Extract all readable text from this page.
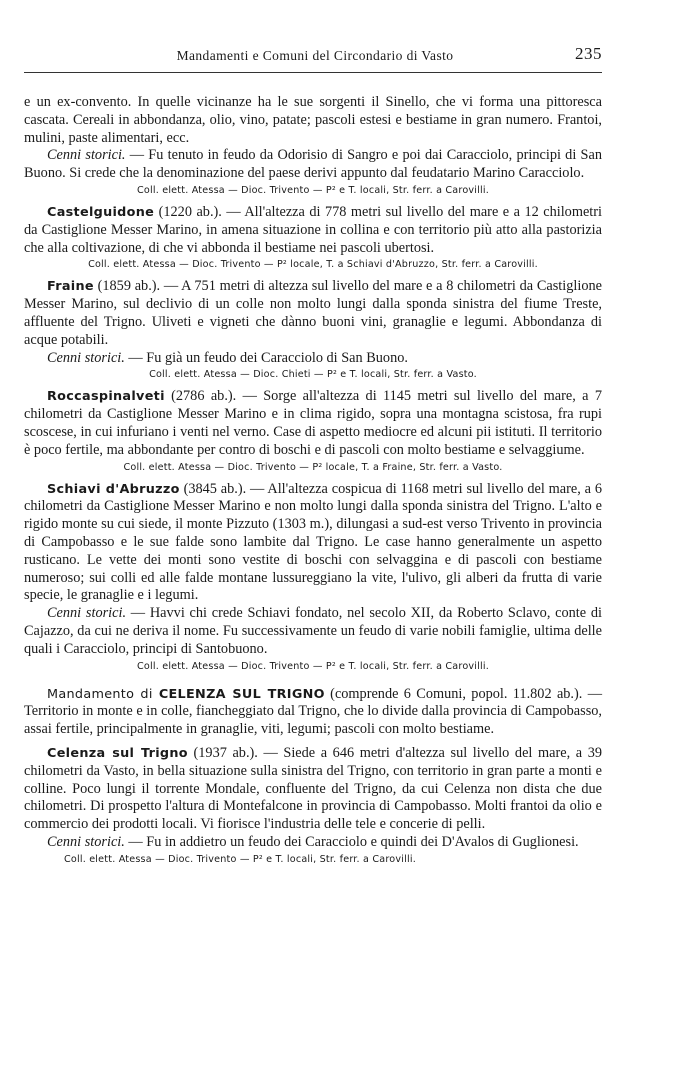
Mandamenti e Comuni del Circondario di Vasto	235

e un ex-convento. In quelle vicinanze ha le sue sorgenti il Sinello, che vi forma una pittoresca cascata. Cereali in abbondanza, olio, vino, patate; pascoli estesi e bestiame in gran numero. Frantoi, mulini, paste alimentari, ecc.

Cenni storici. — Fu tenuto in feudo da Odorisio di Sangro e poi dai Caracciolo, principi di San Buono. Si crede che la denominazione del paese derivi appunto dal feudatario Marino Caracciolo.

Coll. elett. Atessa — Dioc. Trivento — P² e T. locali, Str. ferr. a Carovilli.

Castelguidone (1220 ab.). — All'altezza di 778 metri sul livello del mare e a 12 chilometri da Castiglione Messer Marino, in amena situazione in collina e con territorio più atto alla pastorizia che alla coltivazione, di che vi abbonda il bestiame nei pascoli ubertosi.

Coll. elett. Atessa — Dioc. Trivento — P² locale, T. a Schiavi d'Abruzzo, Str. ferr. a Carovilli.

Fraine (1859 ab.). — A 751 metri di altezza sul livello del mare e a 8 chilometri da Castiglione Messer Marino, sul declivio di un colle non molto lungi dalla sponda sinistra del fiume Treste, affluente del Trigno. Uliveti e vigneti che dànno buoni vini, granaglie e legumi. Abbondanza di acque potabili.

Cenni storici. — Fu già un feudo dei Caracciolo di San Buono.

Coll. elett. Atessa — Dioc. Chieti — P² e T. locali, Str. ferr. a Vasto.

Roccaspinalveti (2786 ab.). — Sorge all'altezza di 1145 metri sul livello del mare, a 7 chilometri da Castiglione Messer Marino e in clima rigido, sopra una montagna scistosa, fra rupi scoscese, in cui infuriano i venti nel verno. Case di aspetto mediocre ed alcuni pii istituti. Il territorio è poco fertile, ma abbondante per contro di boschi e di pascoli con molto bestiame e selvaggiume.

Coll. elett. Atessa — Dioc. Trivento — P² locale, T. a Fraine, Str. ferr. a Vasto.

Schiavi d'Abruzzo (3845 ab.). — All'altezza cospicua di 1168 metri sul livello del mare, a 6 chilometri da Castiglione Messer Marino e non molto lungi dalla sponda sinistra del Trigno. L'alto e rigido monte su cui siede, il monte Pizzuto (1303 m.), dilungasi a sud-est verso Trivento in provincia di Campobasso e le sue falde sono lambite dal Trigno. Le case hanno generalmente un aspetto rusticano. Le vette dei monti sono vestite di boschi con selvaggina e di pascoli con bestiame numeroso; sui colli ed alle falde montane lussureggiano la vite, l'ulivo, gli alberi da frutta di varie specie, le granaglie e i legumi.

Cenni storici. — Havvi chi crede Schiavi fondato, nel secolo XII, da Roberto Sclavo, conte di Cajazzo, da cui ne deriva il nome. Fu successivamente un feudo di varie nobili famiglie, ultima delle quali i Caracciolo, principi di Santobuono.

Coll. elett. Atessa — Dioc. Trivento — P² e T. locali, Str. ferr. a Carovilli.

Mandamento di CELENZA SUL TRIGNO (comprende 6 Comuni, popol. 11.802 ab.). — Territorio in monte e in colle, fiancheggiato dal Trigno, che lo divide dalla provincia di Campobasso, assai fertile, principalmente in granaglie, viti, legumi; pascoli con molto bestiame.

Celenza sul Trigno (1937 ab.). — Siede a 646 metri d'altezza sul livello del mare, a 39 chilometri da Vasto, in bella situazione sulla sinistra del Trigno, con territorio in gran parte a monti e colline. Poco lungi il torrente Mondale, confluente del Trigno, da cui Celenza non dista che due chilometri. Di prospetto l'altura di Montefalcone in provincia di Campobasso. Molti frantoi da olio e commercio dei prodotti locali. Vi fiorisce l'industria delle tele e concerie di pelli.

Cenni storici. — Fu in addietro un feudo dei Caracciolo e quindi dei D'Avalos di Guglionesi.

Coll. elett. Atessa — Dioc. Trivento — P² e T. locali, Str. ferr. a Carovilli.
